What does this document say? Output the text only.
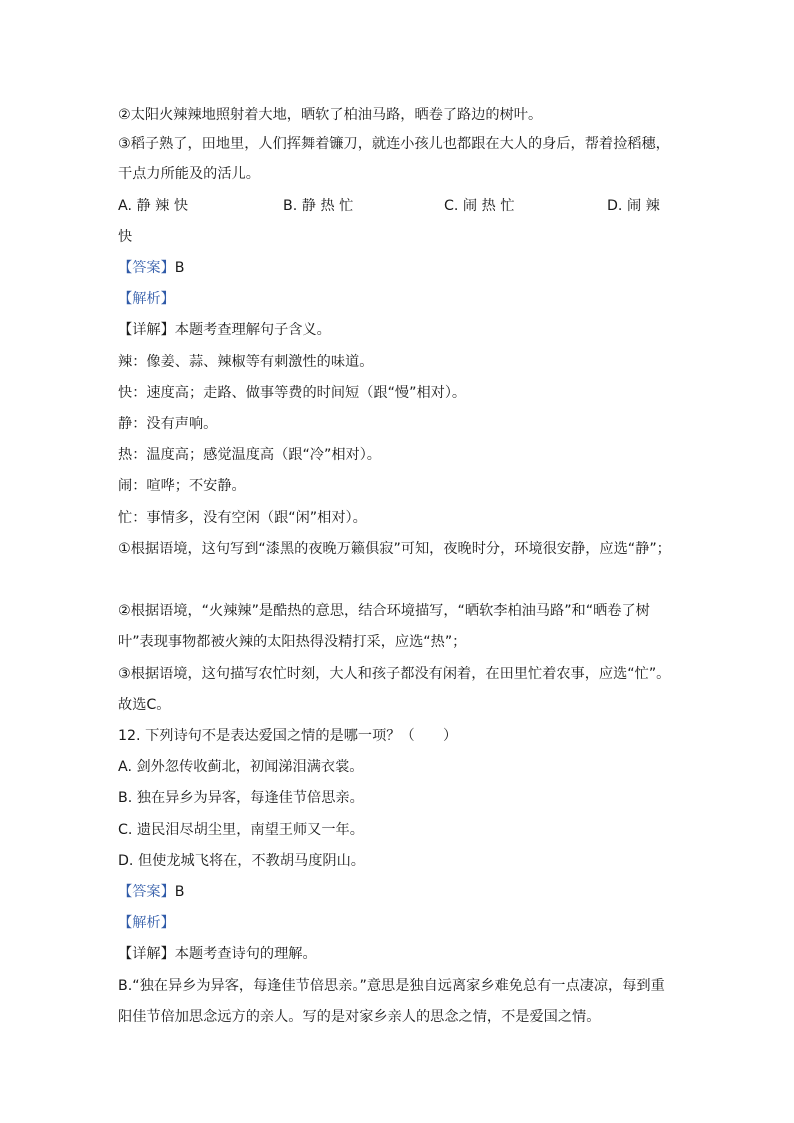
②太阳火辣辣地照射着大地，晒软了柏油马路，晒卷了路边的树叶。
③稻子熟了，田地里，人们挥舞着镰刀，就连小孩儿也都跟在大人的身后，帮着捡稻穗，
干点力所能及的活儿。
A. 静 辣 快	B. 静 热 忙	C. 闹 热 忙	D. 闹 辣
快
【答案】B
【解析】
【详解】本题考查理解句子含义。
辣：像姜、蒜、辣椒等有刺激性的味道。
快：速度高；走路、做事等费的时间短（跟“慢”相对）。
静：没有声响。
热：温度高；感觉温度高（跟“冷”相对）。
闹：喧哗；不安静。
忙：事情多，没有空闲（跟“闲”相对）。
①根据语境，这句写到“漆黑的夜晚万籁俱寂”可知，夜晚时分，环境很安静，应选“静”；
②根据语境，“火辣辣”是酷热的意思，结合环境描写，“晒软李柏油马路”和“晒卷了树
叶”表现事物都被火辣的太阳热得没精打采，应选“热”；
③根据语境，这句描写农忙时刻，大人和孩子都没有闲着，在田里忙着农事，应选“忙”。
故选C。
12. 下列诗句不是表达爱国之情的是哪一项？（　　）
A. 剑外忽传收蓟北，初闻涕泪满衣裳。
B. 独在异乡为异客，每逢佳节倍思亲。
C. 遗民泪尽胡尘里，南望王师又一年。
D. 但使龙城飞将在，不教胡马度阴山。
【答案】B
【解析】
【详解】本题考查诗句的理解。
B.“独在异乡为异客，每逢佳节倍思亲。”意思是独自远离家乡难免总有一点凄凉，每到重
阳佳节倍加思念远方的亲人。写的是对家乡亲人的思念之情，不是爱国之情。
